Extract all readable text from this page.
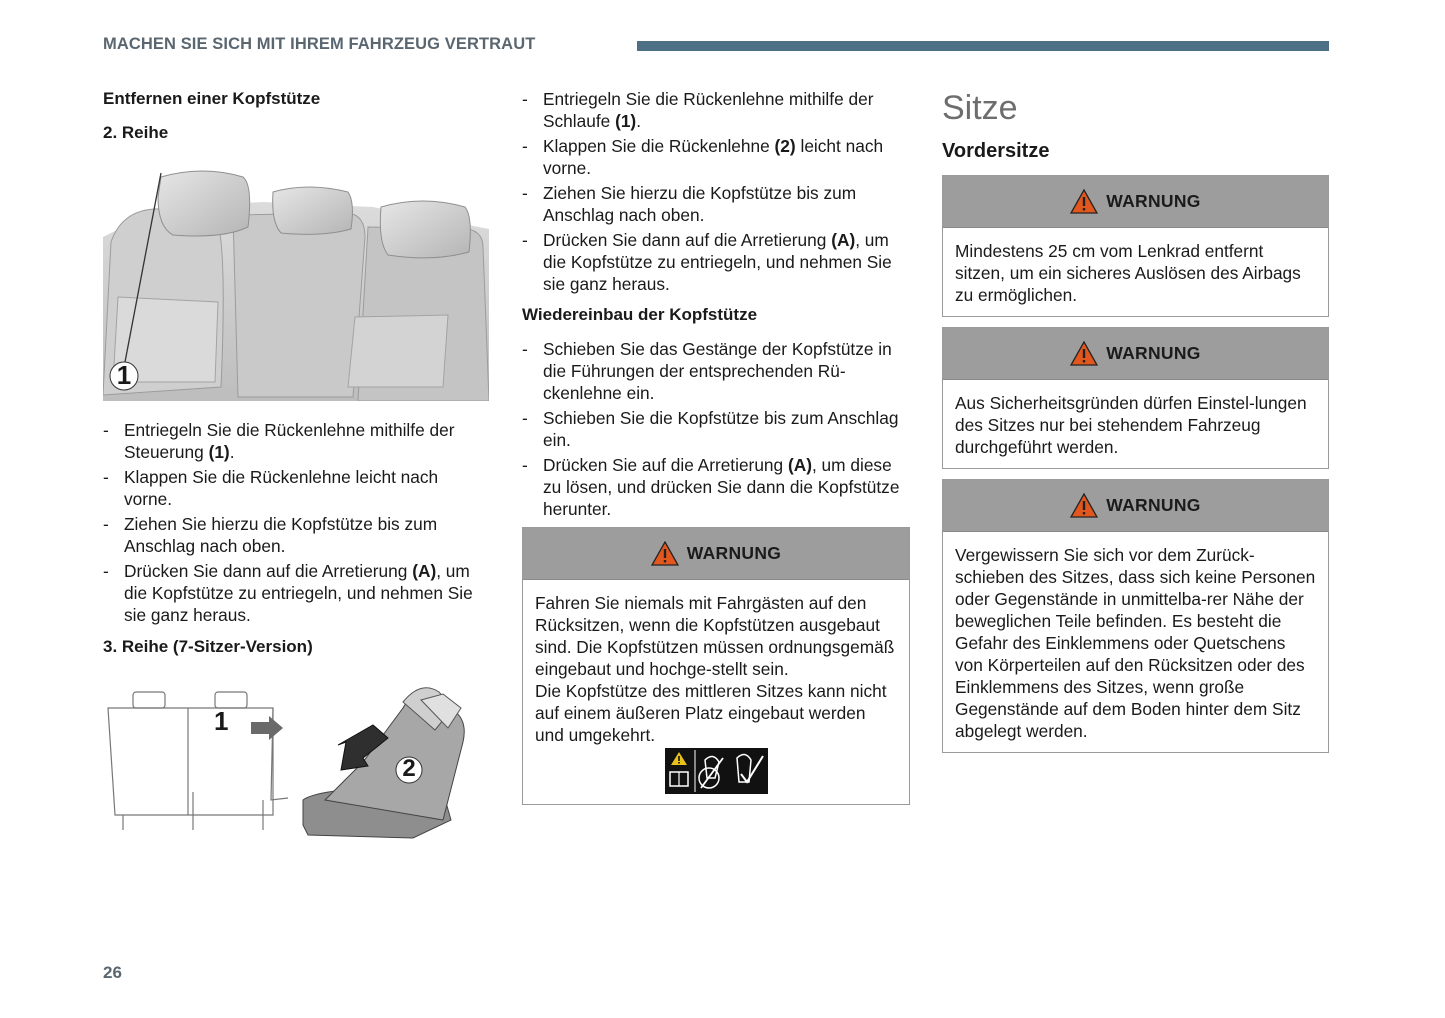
MACHEN SIE SICH MIT IHREM FAHRZEUG VERTRAUT

Entfernen einer Kopfstütze

2. Reihe

1
- Entriegeln Sie die Rückenlehne mithilfe der Steuerung (1).
- Klappen Sie die Rückenlehne leicht nach vorne.
- Ziehen Sie hierzu die Kopfstütze bis zum Anschlag nach oben.
- Drücken Sie dann auf die Arretierung (A), um die Kopfstütze zu entriegeln, und nehmen Sie sie ganz heraus.

3. Reihe (7-Sitzer-Version)

1
2
- Entriegeln Sie die Rückenlehne mithilfe der Schlaufe (1).
- Klappen Sie die Rückenlehne (2) leicht nach vorne.
- Ziehen Sie hierzu die Kopfstütze bis zum Anschlag nach oben.
- Drücken Sie dann auf die Arretierung (A), um die Kopfstütze zu entriegeln, und nehmen Sie sie ganz heraus.

Wiedereinbau der Kopfstütze

- Schieben Sie das Gestänge der Kopfstütze in die Führungen der entsprechenden Rü-ckenlehne ein.
- Schieben Sie die Kopfstütze bis zum Anschlag ein.
- Drücken Sie auf die Arretierung (A), um diese zu lösen, und drücken Sie dann die Kopfstütze herunter.
WARNUNG
Fahren Sie niemals mit Fahrgästen auf den Rücksitzen, wenn die Kopfstützen ausgebaut sind. Die Kopfstützen müssen ordnungsgemäß eingebaut und hochge-stellt sein.
Die Kopfstütze des mittleren Sitzes kann nicht auf einem äußeren Platz eingebaut werden und umgekehrt.
Sitze
Vordersitze
WARNUNG
Mindestens 25 cm vom Lenkrad entfernt sitzen, um ein sicheres Auslösen des Airbags zu ermöglichen.
WARNUNG
Aus Sicherheitsgründen dürfen Einstel-lungen des Sitzes nur bei stehendem Fahrzeug durchgeführt werden.
WARNUNG
Vergewissern Sie sich vor dem Zurück-schieben des Sitzes, dass sich keine Personen oder Gegenstände in unmittelba-rer Nähe der beweglichen Teile befinden. Es besteht die Gefahr des Einklemmens oder Quetschens von Körperteilen auf den Rücksitzen oder des Einklemmens des Sitzes, wenn große Gegenstände auf dem Boden hinter dem Sitz abgelegt werden.
26
